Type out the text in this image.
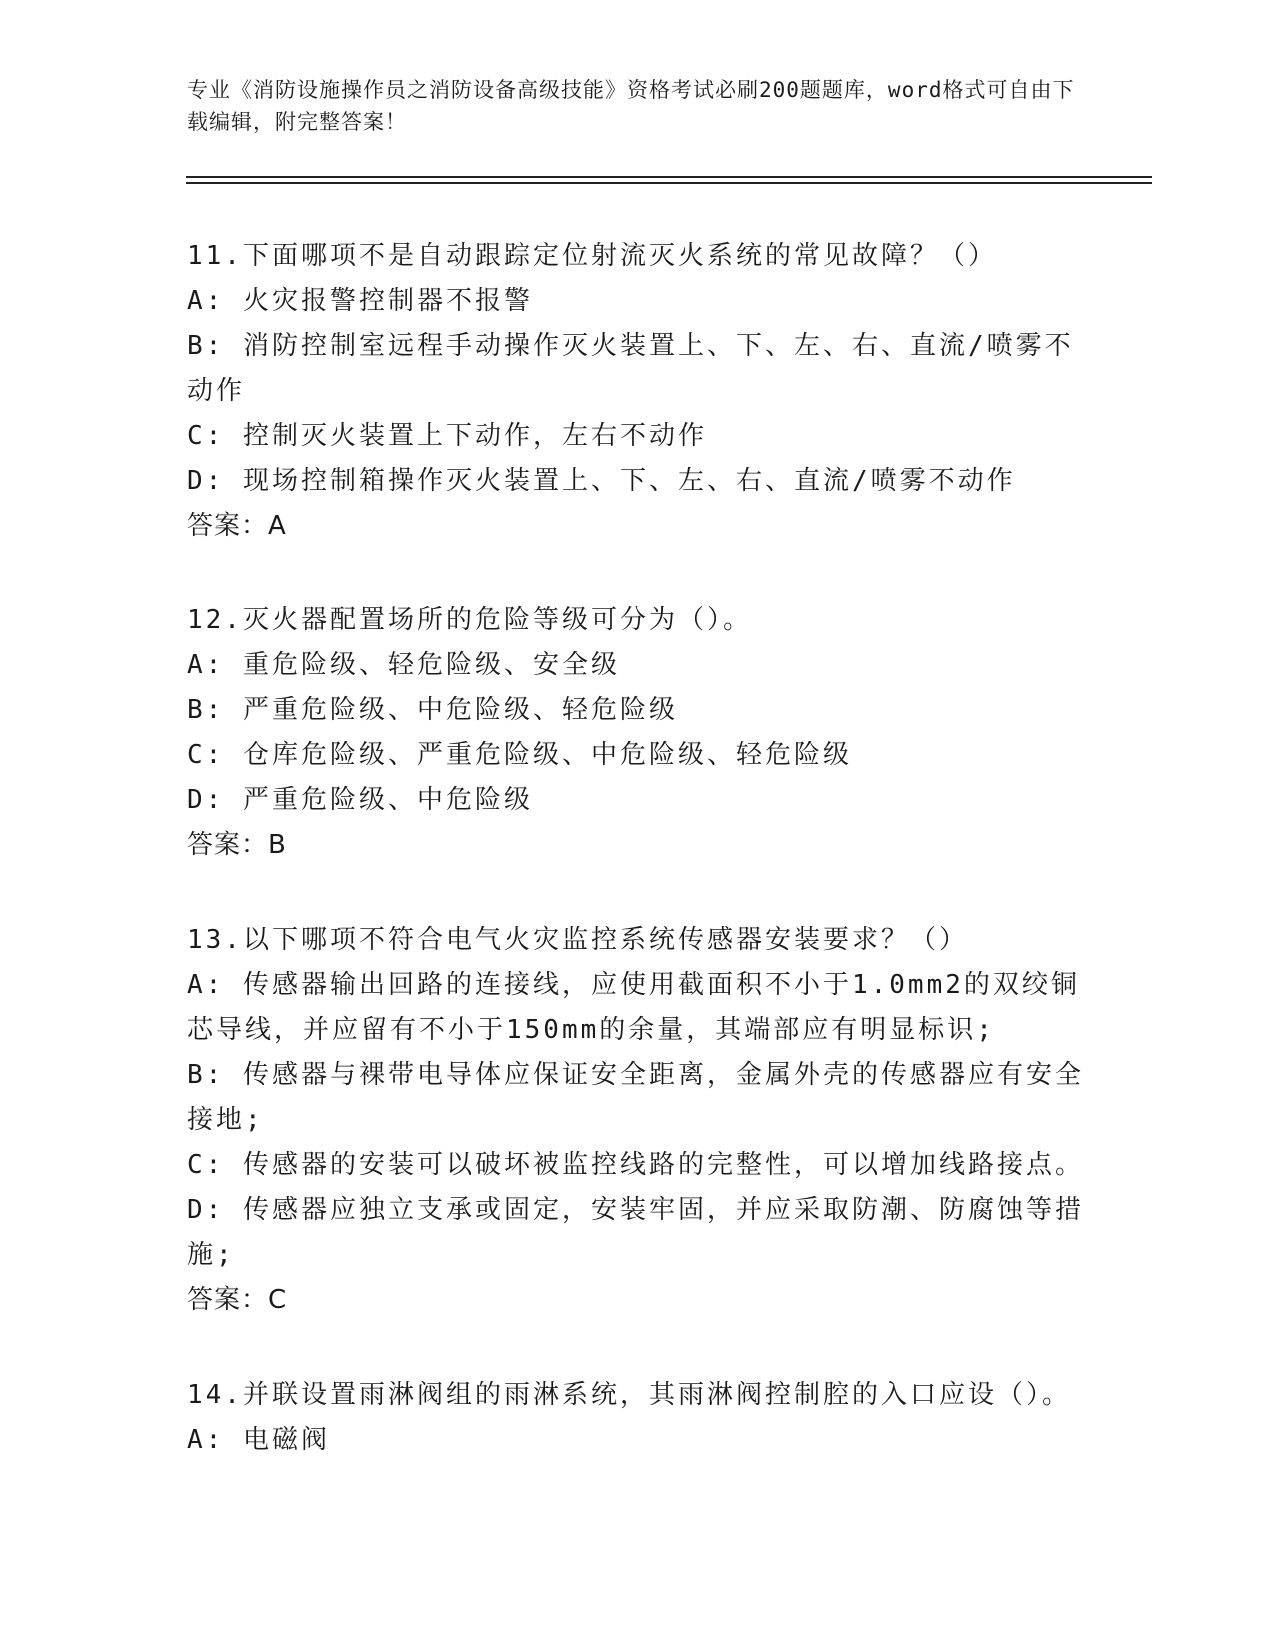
专业《消防设施操作员之消防设备高级技能》资格考试必刷200题题库，word格式可自由下载编辑，附完整答案！
11.下面哪项不是自动跟踪定位射流灭火系统的常见故障？（）
A: 火灾报警控制器不报警
B: 消防控制室远程手动操作灭火装置上、下、左、右、直流/喷雾不动作
C: 控制灭火装置上下动作，左右不动作
D: 现场控制箱操作灭火装置上、下、左、右、直流/喷雾不动作
答案：A
12.灭火器配置场所的危险等级可分为（）。
A: 重危险级、轻危险级、安全级
B: 严重危险级、中危险级、轻危险级
C: 仓库危险级、严重危险级、中危险级、轻危险级
D: 严重危险级、中危险级
答案：B
13.以下哪项不符合电气火灾监控系统传感器安装要求？（）
A: 传感器输出回路的连接线，应使用截面积不小于1.0mm2的双绞铜芯导线，并应留有不小于150mm的余量，其端部应有明显标识;
B: 传感器与裸带电导体应保证安全距离，金属外壳的传感器应有安全接地;
C: 传感器的安装可以破坏被监控线路的完整性，可以增加线路接点。
D: 传感器应独立支承或固定，安装牢固，并应采取防潮、防腐蚀等措施;
答案：C
14.并联设置雨淋阀组的雨淋系统，其雨淋阀控制腔的入口应设（）。
A: 电磁阀
